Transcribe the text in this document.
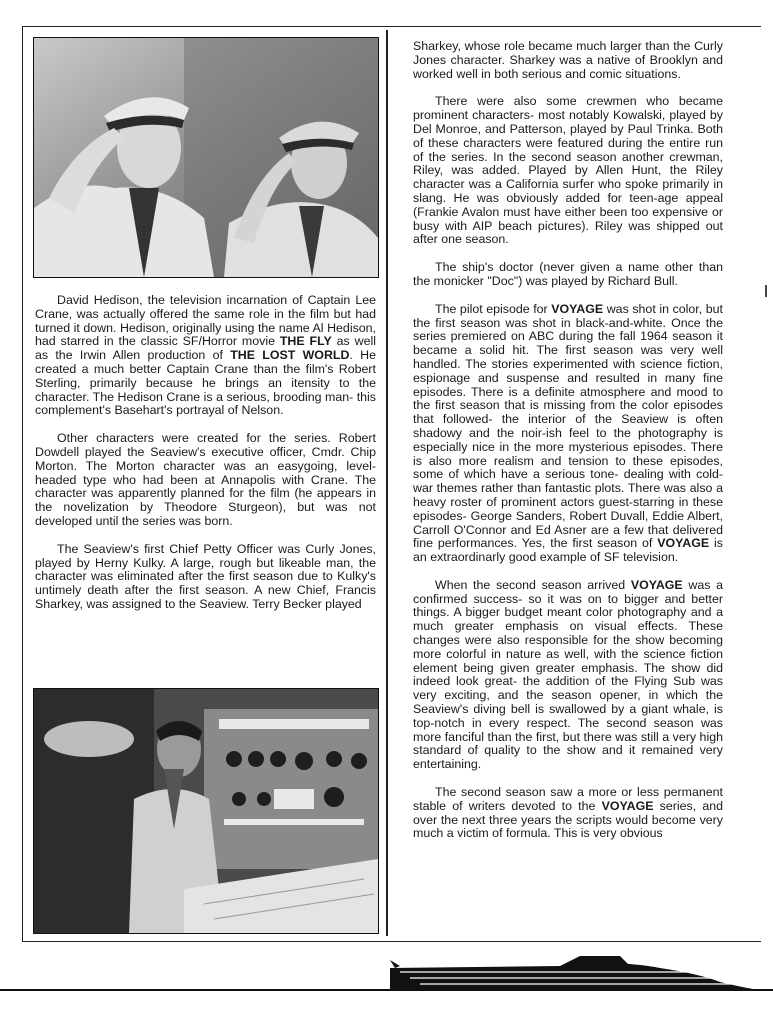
David Hedison, the television incarnation of Captain Lee Crane, was actually offered the same role in the film but had turned it down. Hedison, originally using the name Al Hedison, had starred in the classic SF/Horror movie THE FLY as well as the Irwin Allen production of THE LOST WORLD. He created a much better Captain Crane than the film's Robert Sterling, primarily because he brings an itensity to the character. The Hedison Crane is a serious, brooding man- this complement's Basehart's portrayal of Nelson.

Other characters were created for the series. Robert Dowdell played the Seaview's executive officer, Cmdr. Chip Morton. The Morton character was an easygoing, level-headed type who had been at Annapolis with Crane. The character was apparently planned for the film (he appears in the novelization by Theodore Sturgeon), but was not developed until the series was born.

The Seaview's first Chief Petty Officer was Curly Jones, played by Herny Kulky. A large, rough but likeable man, the character was eliminated after the first season due to Kulky's untimely death after the first season. A new Chief, Francis Sharkey, was assigned to the Seaview. Terry Becker played

Sharkey, whose role became much larger than the Curly Jones character. Sharkey was a native of Brooklyn and worked well in both serious and comic situations.

There were also some crewmen who became prominent characters- most notably Kowalski, played by Del Monroe, and Patterson, played by Paul Trinka. Both of these characters were featured during the entire run of the series. In the second season another crewman, Riley, was added. Played by Allen Hunt, the Riley character was a California surfer who spoke primarily in slang. He was obviously added for teen-age appeal (Frankie Avalon must have either been too expensive or busy with AIP beach pictures). Riley was shipped out after one season.

The ship's doctor (never given a name other than the monicker "Doc") was played by Richard Bull.

The pilot episode for VOYAGE was shot in color, but the first season was shot in black-and-white. Once the series premiered on ABC during the fall 1964 season it became a solid hit. The first season was very well handled. The stories experimented with science fiction, espionage and suspense and resulted in many fine episodes. There is a definite atmosphere and mood to the first season that is missing from the color episodes that followed- the interior of the Seaview is often shadowy and the noir-ish feel to the photography is especially nice in the more mysterious episodes. There is also more realism and tension to these episodes, some of which have a serious tone- dealing with cold-war themes rather than fantastic plots. There was also a heavy roster of prominent actors guest-starring in these episodes- George Sanders, Robert Duvall, Eddie Albert, Carroll O'Connor and Ed Asner are a few that delivered fine performances. Yes, the first season of VOYAGE is an extraordinarly good example of SF television.

When the second season arrived VOYAGE was a confirmed success- so it was on to bigger and better things. A bigger budget meant color photography and a much greater emphasis on visual effects. These changes were also responsible for the show becoming more colorful in nature as well, with the science fiction element being given greater emphasis. The show did indeed look great- the addition of the Flying Sub was very exciting, and the season opener, in which the Seaview's diving bell is swallowed by a giant whale, is top-notch in every respect. The second season was more fanciful than the first, but there was still a very high standard of quality to the show and it remained very entertaining.

The second season saw a more or less permanent stable of writers devoted to the VOYAGE series, and over the next three years the scripts would become very much a victim of formula. This is very obvious
